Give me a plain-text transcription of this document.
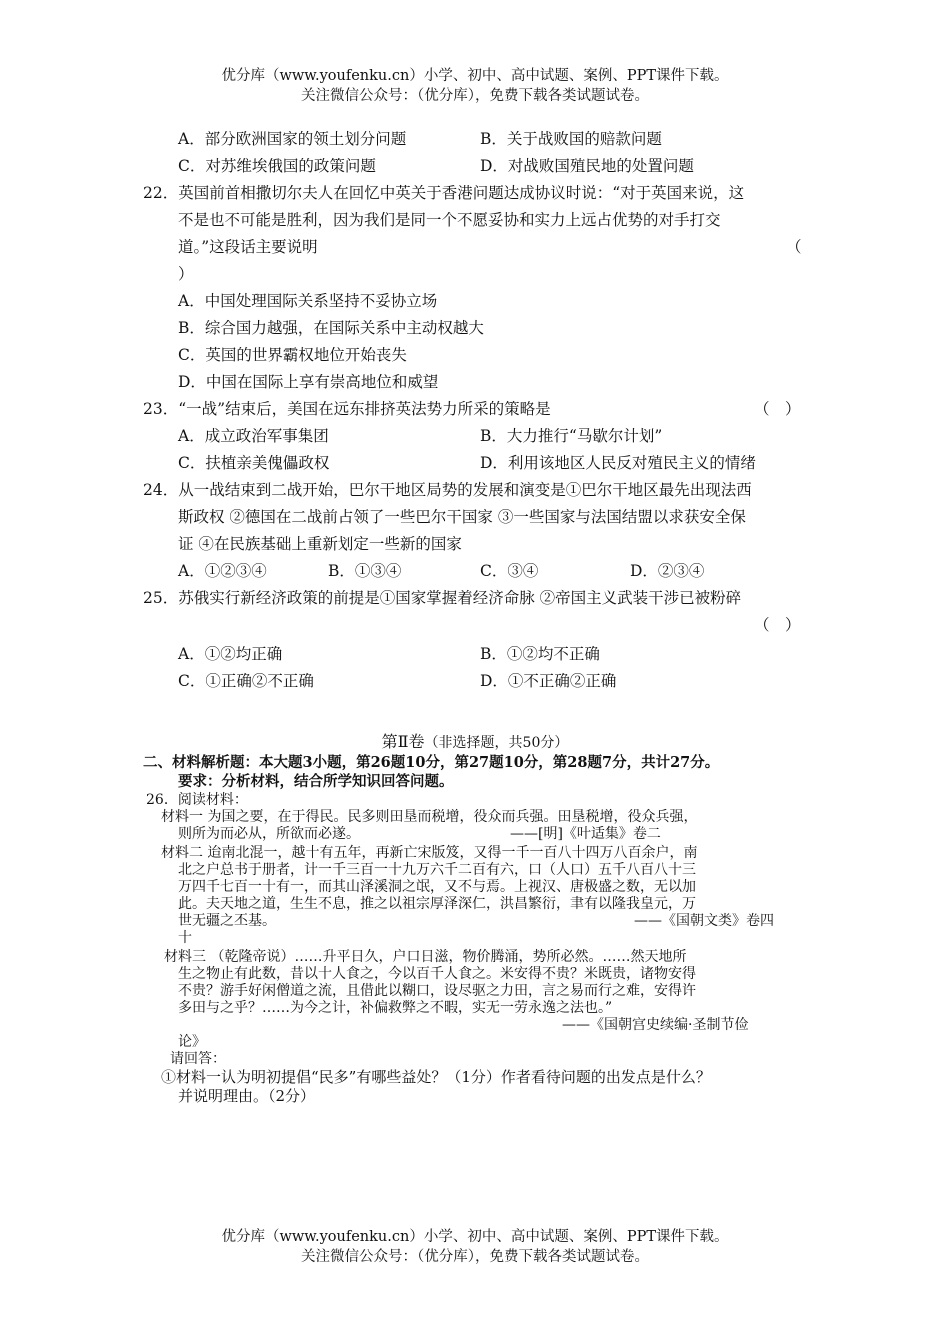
优分库（www.youfenku.cn）小学、初中、高中试题、案例、PPT课件下载。
关注微信公众号：（优分库），免费下载各类试题试卷。
A．部分欧洲国家的领土划分问题	B．关于战败国的赔款问题
C．对苏维埃俄国的政策问题	D．对战败国殖民地的处置问题
22．英国前首相撒切尔夫人在回忆中英关于香港问题达成协议时说：“对于英国来说，这
不是也不可能是胜利，因为我们是同一个不愿妥协和实力上远占优势的对手打交
道。”这段话主要说明	（
）
A．中国处理国际关系坚持不妥协立场
B．综合国力越强，在国际关系中主动权越大
C．英国的世界霸权地位开始丧失
D．中国在国际上享有崇高地位和威望
23．“一战”结束后，美国在远东排挤英法势力所采的策略是	（　）
A．成立政治军事集团	B．大力推行“马歇尔计划”
C．扶植亲美傀儡政权	D．利用该地区人民反对殖民主义的情绪
24．从一战结束到二战开始，巴尔干地区局势的发展和演变是①巴尔干地区最先出现法西
斯政权 ②德国在二战前占领了一些巴尔干国家 ③一些国家与法国结盟以求获安全保
证 ④在民族基础上重新划定一些新的国家
A．①②③④	B．①③④	C．③④	D．②③④
25．苏俄实行新经济政策的前提是①国家掌握着经济命脉 ②帝国主义武装干涉已被粉碎
（　）
A．①②均正确	B．①②均不正确
C．①正确②不正确	D．①不正确②正确
第Ⅱ卷（非选择题，共50分）
二、材料解析题：本大题3小题，第26题10分，第27题10分，第28题7分，共计27分。
要求：分析材料，结合所学知识回答问题。
26．阅读材料：
材料一 为国之要，在于得民。民多则田垦而税增，役众而兵强。田垦税增，役众兵强，
则所为而必从，所欲而必遂。	——[明]《叶适集》卷二
材料二 迨南北混一，越十有五年，再新亡宋版笈，又得一千一百八十四万八百余户，南
北之户总书于册者，计一千三百一十九万六千二百有六，口（人口）五千八百八十三
万四千七百一十有一，而其山泽溪洞之氓，又不与焉。上视汉、唐极盛之数，无以加
此。夫天地之道，生生不息，推之以祖宗厚泽深仁，洪昌繁衍，聿有以隆我皇元，万
世无疆之丕基。	——《国朝文类》卷四
十
材料三 （乾隆帝说）……升平日久，户口日滋，物价腾涌，势所必然。……然天地所
生之物止有此数，昔以十人食之，今以百千人食之。米安得不贵？米既贵，诸物安得
不贵？游手好闲僧道之流，且借此以糊口，设尽驱之力田，言之易而行之难，安得许
多田与之乎？……为今之计，补偏救弊之不暇，实无一劳永逸之法也。”
——《国朝宫史续编·圣制节俭
论》
请回答：
①材料一认为明初提倡“民多”有哪些益处？（1分）作者看待问题的出发点是什么？
并说明理由。（2分）
优分库（www.youfenku.cn）小学、初中、高中试题、案例、PPT课件下载。
关注微信公众号：（优分库），免费下载各类试题试卷。
